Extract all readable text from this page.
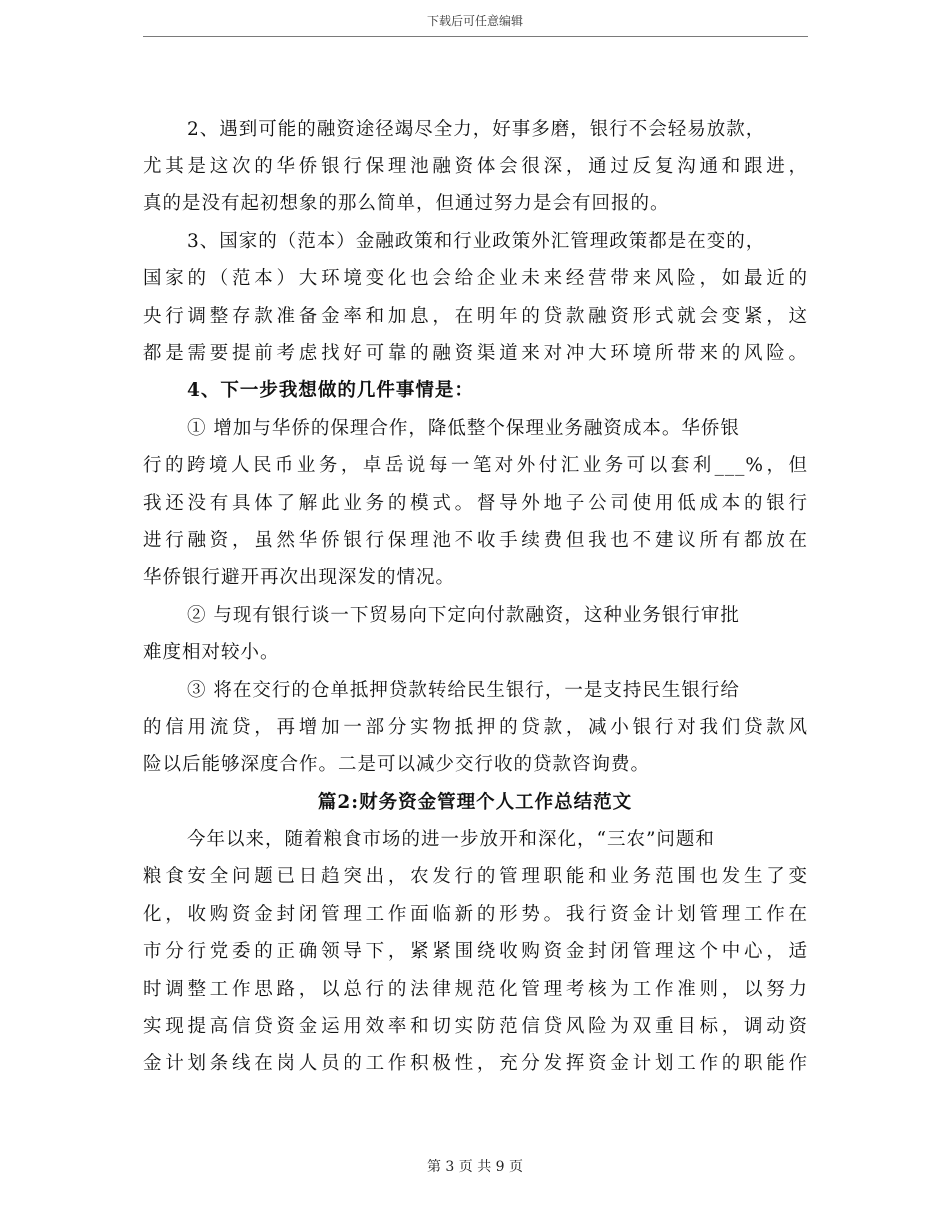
下载后可任意编辑
2、遇到可能的融资途径竭尽全力，好事多磨，银行不会轻易放款，
尤其是这次的华侨银行保理池融资体会很深，通过反复沟通和跟进，
真的是没有起初想象的那么简单，但通过努力是会有回报的。
3、国家的（范本）金融政策和行业政策外汇管理政策都是在变的，
国家的（范本）大环境变化也会给企业未来经营带来风险，如最近的
央行调整存款准备金率和加息，在明年的贷款融资形式就会变紧，这
都是需要提前考虑找好可靠的融资渠道来对冲大环境所带来的风险。
4、下一步我想做的几件事情是：
① 增加与华侨的保理合作，降低整个保理业务融资成本。华侨银
行的跨境人民币业务，卓岳说每一笔对外付汇业务可以套利___%，但
我还没有具体了解此业务的模式。督导外地子公司使用低成本的银行
进行融资，虽然华侨银行保理池不收手续费但我也不建议所有都放在
华侨银行避开再次出现深发的情况。
② 与现有银行谈一下贸易向下定向付款融资，这种业务银行审批
难度相对较小。
③ 将在交行的仓单抵押贷款转给民生银行，一是支持民生银行给
的信用流贷，再增加一部分实物抵押的贷款，减小银行对我们贷款风
险以后能够深度合作。二是可以减少交行收的贷款咨询费。
篇2:财务资金管理个人工作总结范文
今年以来，随着粮食市场的进一步放开和深化，“三农”问题和
粮食安全问题已日趋突出，农发行的管理职能和业务范围也发生了变
化，收购资金封闭管理工作面临新的形势。我行资金计划管理工作在
市分行党委的正确领导下，紧紧围绕收购资金封闭管理这个中心，适
时调整工作思路，以总行的法律规范化管理考核为工作准则，以努力
实现提高信贷资金运用效率和切实防范信贷风险为双重目标，调动资
金计划条线在岗人员的工作积极性，充分发挥资金计划工作的职能作
第 3 页 共 9 页
